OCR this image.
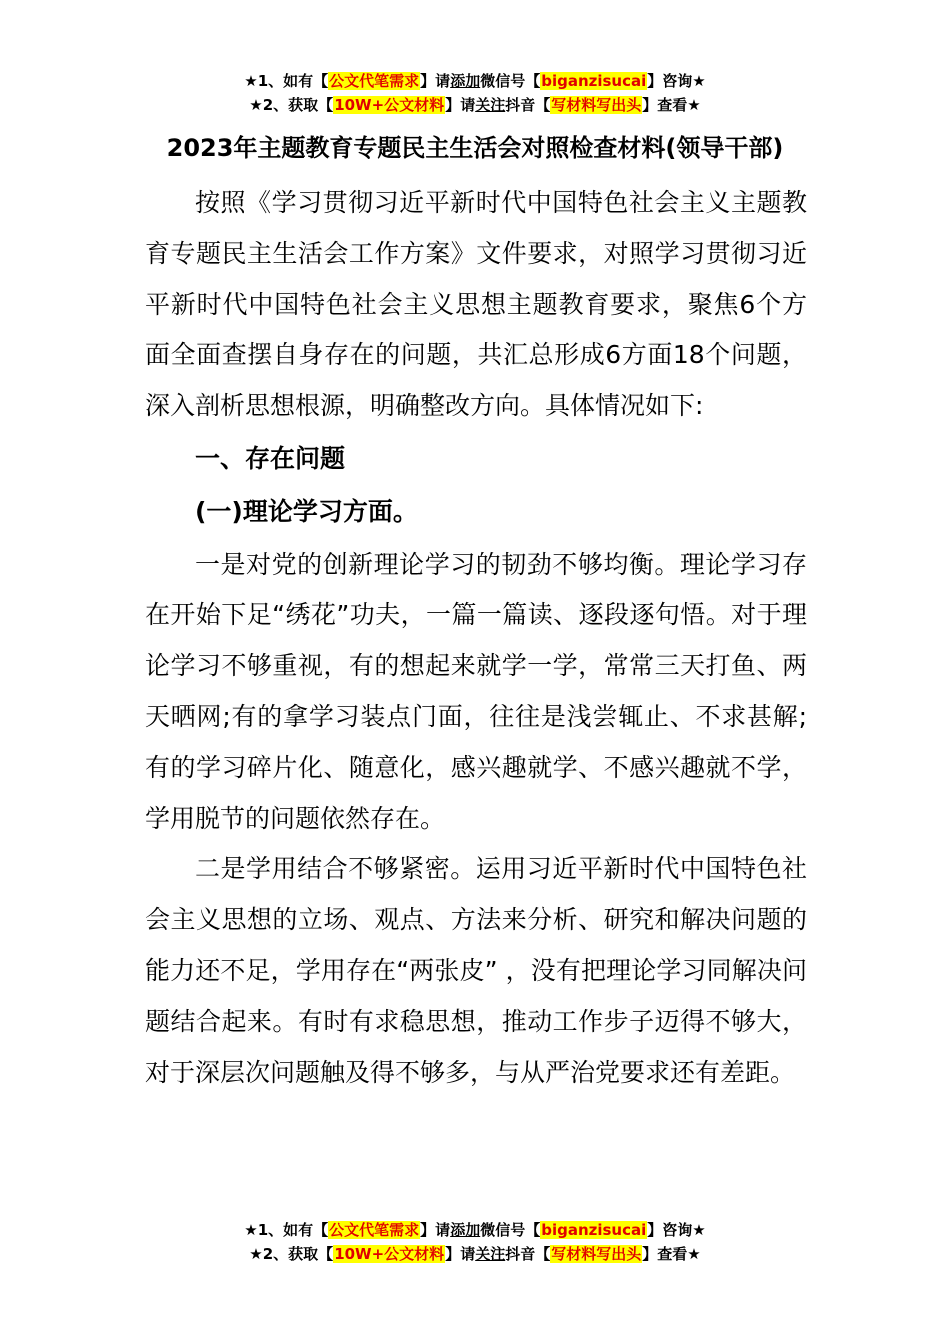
★1、如有【公文代笔需求】请添加微信号【biganzisucai】咨询★
★2、获取【10W+公文材料】请关注抖音【写材料写出头】查看★
2023年主题教育专题民主生活会对照检查材料(领导干部)

按照《学习贯彻习近平新时代中国特色社会主义主题教育专题民主生活会工作方案》文件要求，对照学习贯彻习近平新时代中国特色社会主义思想主题教育要求，聚焦6个方面全面查摆自身存在的问题，共汇总形成6方面18个问题，深入剖析思想根源，明确整改方向。具体情况如下:

一、存在问题

(一)理论学习方面。

一是对党的创新理论学习的韧劲不够均衡。理论学习存在开始下足“绣花”功夫，一篇一篇读、逐段逐句悟。对于理论学习不够重视，有的想起来就学一学，常常三天打鱼、两天晒网;有的拿学习装点门面，往往是浅尝辄止、不求甚解;有的学习碎片化、随意化，感兴趣就学、不感兴趣就不学，学用脱节的问题依然存在。

二是学用结合不够紧密。运用习近平新时代中国特色社会主义思想的立场、观点、方法来分析、研究和解决问题的能力还不足，学用存在“两张皮” ，没有把理论学习同解决问题结合起来。有时有求稳思想，推动工作步子迈得不够大，对于深层次问题触及得不够多，与从严治党要求还有差距。

★1、如有【公文代笔需求】请添加微信号【biganzisucai】咨询★
★2、获取【10W+公文材料】请关注抖音【写材料写出头】查看★
